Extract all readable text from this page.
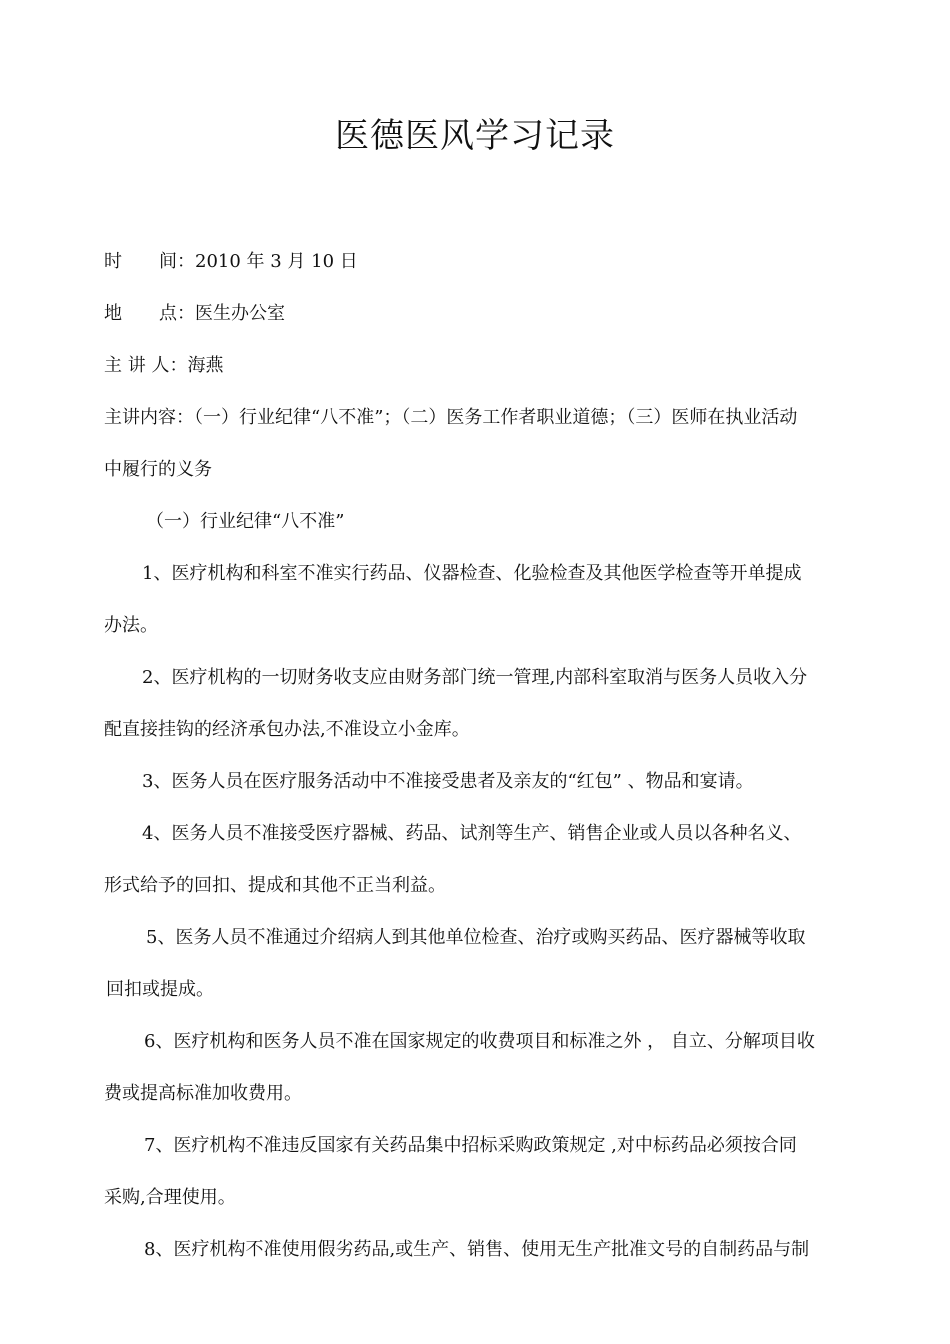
医德医风学习记录
时 间：2010 年 3 月 10 日
地 点：医生办公室
主 讲 人：海燕
主讲内容：（一）行业纪律“八不准”；（二）医务工作者职业道德；（三）医师在执业活动
中履行的义务
（一）行业纪律“八不准”
1、医疗机构和科室不准实行药品、仪器检查、化验检查及其他医学检查等开单提成
办法。
2、医疗机构的一切财务收支应由财务部门统一管理,内部科室取消与医务人员收入分
配直接挂钩的经济承包办法,不准设立小金库。
3、医务人员在医疗服务活动中不准接受患者及亲友的“红包” 、物品和宴请。
4、医务人员不准接受医疗器械、药品、试剂等生产、销售企业或人员以各种名义、
形式给予的回扣、提成和其他不正当利益。
5、医务人员不准通过介绍病人到其他单位检查、治疗或购买药品、医疗器械等收取
回扣或提成。
6、医疗机构和医务人员不准在国家规定的收费项目和标准之外 ， 自立、分解项目收
费或提高标准加收费用。
7、医疗机构不准违反国家有关药品集中招标采购政策规定 ,对中标药品必须按合同
采购,合理使用。
8、医疗机构不准使用假劣药品,或生产、销售、使用无生产批准文号的自制药品与制
